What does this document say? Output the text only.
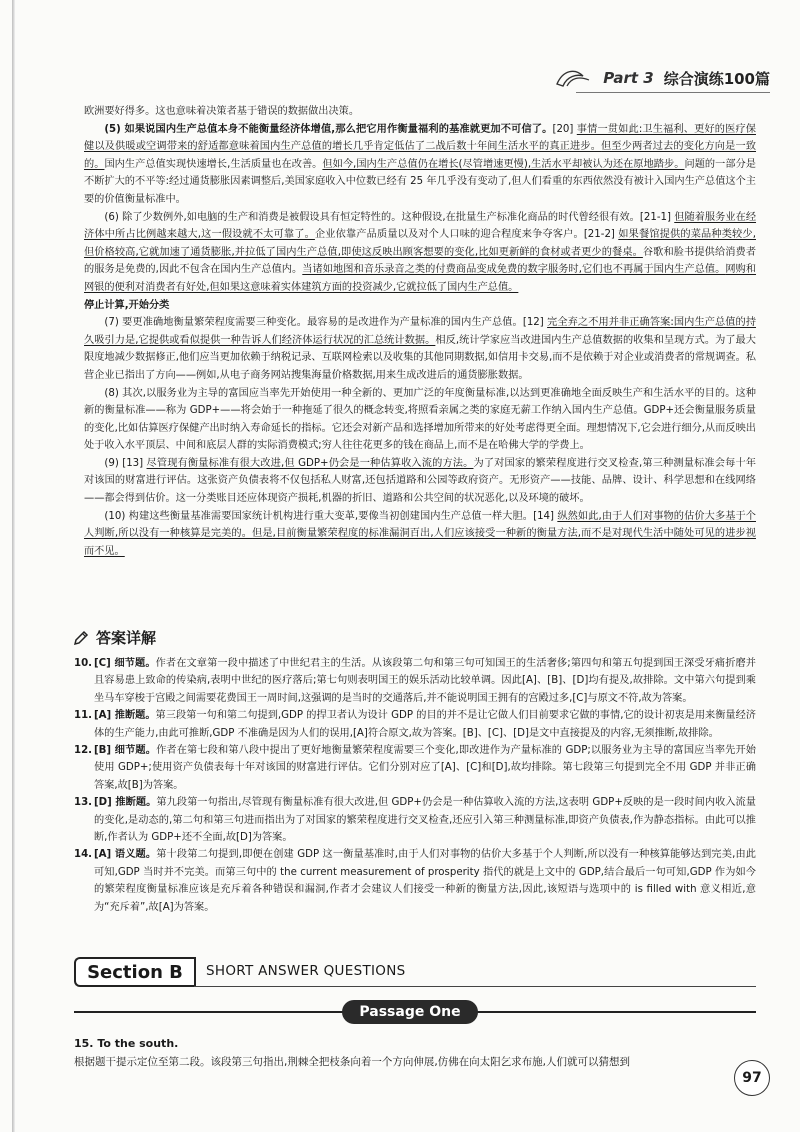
Part 3 综合演练100篇

欧洲要好得多。这也意味着决策者基于错误的数据做出决策。

(5) 如果说国内生产总值本身不能衡量经济体增值,那么把它用作衡量福利的基准就更加不可信了。[20] 事情一贯如此:卫生福利、更好的医疗保健以及供暖或空调带来的舒适都意味着国内生产总值的增长几乎肯定低估了二战后数十年间生活水平的真正进步。但至少两者过去的变化方向是一致的。国内生产总值实现快速增长,生活质量也在改善。但如今,国内生产总值仍在增长(尽管增速更慢),生活水平却被认为还在原地踏步。问题的一部分是不断扩大的不平等:经过通货膨胀因素调整后,美国家庭收入中位数已经有 25 年几乎没有变动了,但人们看重的东西依然没有被计入国内生产总值这个主要的价值衡量标准中。

(6) 除了少数例外,如电脑的生产和消费是被假设具有恒定特性的。这种假设,在批量生产标准化商品的时代曾经很有效。[21-1] 但随着服务业在经济体中所占比例越来越大,这一假设就不太可靠了。企业依靠产品质量以及对个人口味的迎合程度来争夺客户。[21-2] 如果餐馆提供的菜品种类较少,但价格较高,它就加速了通货膨胀,并拉低了国内生产总值,即使这反映出顾客想要的变化,比如更新鲜的食材或者更少的餐桌。谷歌和脸书提供给消费者的服务是免费的,因此不包含在国内生产总值内。当诸如地图和音乐录音之类的付费商品变成免费的数字服务时,它们也不再属于国内生产总值。网购和网银的便利对消费者有好处,但如果这意味着实体建筑方面的投资减少,它就拉低了国内生产总值。

停止计算,开始分类

(7) 要更准确地衡量繁荣程度需要三种变化。最容易的是改进作为产量标准的国内生产总值。[12] 完全弃之不用并非正确答案:国内生产总值的持久吸引力是,它提供或看似提供一种告诉人们经济体运行状况的汇总统计数据。相反,统计学家应当改进国内生产总值数据的收集和呈现方式。为了最大限度地减少数据修正,他们应当更加依赖于纳税记录、互联网检索以及收集的其他同期数据,如信用卡交易,而不是依赖于对企业或消费者的常规调查。私营企业已指出了方向——例如,从电子商务网站搜集海量价格数据,用来生成改进后的通货膨胀数据。

(8) 其次,以服务业为主导的富国应当率先开始使用一种全新的、更加广泛的年度衡量标准,以达到更准确地全面反映生产和生活水平的目的。这种新的衡量标准——称为 GDP+——将会始于一种拖延了很久的概念转变,将照看亲属之类的家庭无薪工作纳入国内生产总值。GDP+还会衡量服务质量的变化,比如估算医疗保健产出时纳入寿命延长的指标。它还会对新产品和选择增加所带来的好处考虑得更全面。理想情况下,它会进行细分,从而反映出处于收入水平顶层、中间和底层人群的实际消费模式;穷人往往花更多的钱在商品上,而不是在哈佛大学的学费上。

(9) [13] 尽管现有衡量标准有很大改进,但 GDP+仍会是一种估算收入流的方法。为了对国家的繁荣程度进行交叉检查,第三种测量标准会每十年对该国的财富进行评估。这张资产负债表将不仅包括私人财富,还包括道路和公园等政府资产。无形资产——技能、品牌、设计、科学思想和在线网络——都会得到估价。这一分类账目还应体现资产损耗,机器的折旧、道路和公共空间的状况恶化,以及环境的破坏。

(10) 构建这些衡量基准需要国家统计机构进行重大变革,要像当初创建国内生产总值一样大胆。[14] 纵然如此,由于人们对事物的估价大多基于个人判断,所以没有一种核算是完美的。但是,目前衡量繁荣程度的标准漏洞百出,人们应该接受一种新的衡量方法,而不是对现代生活中随处可见的进步视而不见。

答案详解
10. [C] 细节题。作者在文章第一段中描述了中世纪君主的生活。从该段第二句和第三句可知国王的生活奢侈;第四句和第五句提到国王深受牙痛折磨并且容易患上致命的传染病,表明中世纪的医疗落后;第七句则表明国王的娱乐活动比较单调。因此[A]、[B]、[D]均有提及,故排除。文中第六句提到乘坐马车穿梭于宫殿之间需要花费国王一周时间,这强调的是当时的交通落后,并不能说明国王拥有的宫殿过多,[C]与原文不符,故为答案。
11. [A] 推断题。第三段第一句和第二句提到,GDP 的捍卫者认为设计 GDP 的目的并不是让它做人们目前要求它做的事情,它的设计初衷是用来衡量经济体的生产能力,由此可推断,GDP 不准确是因为人们的误用,[A]符合原文,故为答案。[B]、[C]、[D]是文中直接提及的内容,无须推断,故排除。
12. [B] 细节题。作者在第七段和第八段中提出了更好地衡量繁荣程度需要三个变化,即改进作为产量标准的 GDP;以服务业为主导的富国应当率先开始使用 GDP+;使用资产负债表每十年对该国的财富进行评估。它们分别对应了[A]、[C]和[D],故均排除。第七段第三句提到完全不用 GDP 并非正确答案,故[B]为答案。
13. [D] 推断题。第九段第一句指出,尽管现有衡量标准有很大改进,但 GDP+仍会是一种估算收入流的方法,这表明 GDP+反映的是一段时间内收入流量的变化,是动态的,第二句和第三句进而指出为了对国家的繁荣程度进行交叉检查,还应引入第三种测量标准,即资产负债表,作为静态指标。由此可以推断,作者认为 GDP+还不全面,故[D]为答案。
14. [A] 语义题。第十段第二句提到,即便在创建 GDP 这一衡量基准时,由于人们对事物的估价大多基于个人判断,所以没有一种核算能够达到完美,由此可知,GDP 当时并不完美。而第三句中的 the current measurement of prosperity 指代的就是上文中的 GDP,结合最后一句可知,GDP 作为如今的繁荣程度衡量标准应该是充斥着各种错误和漏洞,作者才会建议人们接受一种新的衡量方法,因此,该短语与选项中的 is filled with 意义相近,意为“充斥着”,故[A]为答案。
Section B	SHORT ANSWER QUESTIONS
Passage One
15. To the south.
根据题干提示定位至第二段。该段第三句指出,荆棘全把枝条向着一个方向伸展,仿佛在向太阳乞求布施,人们就可以猜想到
97
